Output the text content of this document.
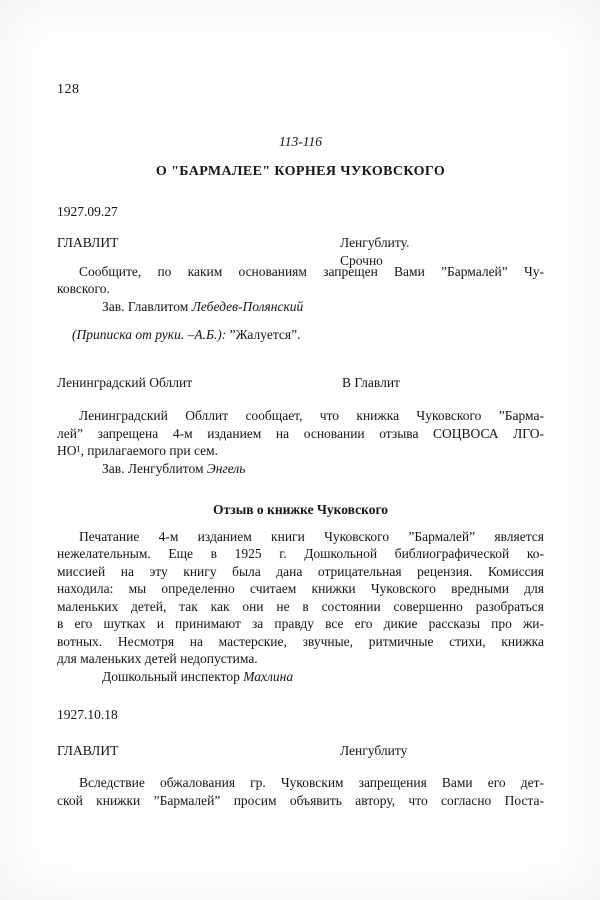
128
113-116
О "БАРМАЛЕЕ" КОРНЕЯ ЧУКОВСКОГО
1927.09.27
ГЛАВЛИТ	Ленгублиту.
Срочно
Сообщите, по каким основаниям запрещен Вами ”Бармалей” Чу-
ковского.
Зав. Главлитом Лебедев-Полянский
(Приписка от руки. –А.Б.): ”Жалуется”.
Ленинградский Обллит	В Главлит
Ленинградский Обллит сообщает, что книжка Чуковского ”Барма-
лей” запрещена 4-м изданием на основании отзыва СОЦВОСА ЛГО-
НО¹, прилагаемого при сем.
Зав. Ленгублитом Энгель
Отзыв о книжке Чуковского
Печатание 4-м изданием книги Чуковского ”Бармалей” является
нежелательным. Еще в 1925 г. Дошкольной библиографической ко-
миссией на эту книгу была дана отрицательная рецензия. Комиссия
находила: мы определенно считаем книжки Чуковского вредными для
маленьких детей, так как они не в состоянии совершенно разобраться
в его шутках и принимают за правду все его дикие рассказы про жи-
вотных. Несмотря на мастерские, звучные, ритмичные стихи, книжка
для маленьких детей недопустима.
Дошкольный инспектор Махлина
1927.10.18
ГЛАВЛИТ	Ленгублиту
Вследствие обжалования гр. Чуковским запрещения Вами его дет-
ской книжки ”Бармалей” просим объявить автору, что согласно Поста-
